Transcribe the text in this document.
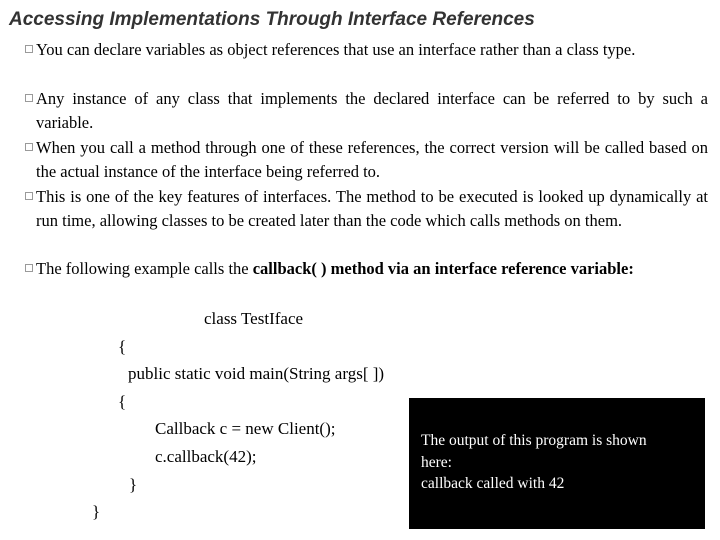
Accessing Implementations Through Interface References
You can declare variables as object references that use an interface rather than a class type.
Any instance of any class that implements the declared interface can be referred to by such a variable.
When you call a method through one of these references, the correct version will be called based on the actual instance of the interface being referred to.
This is one of the key features of interfaces. The method to be executed is looked up dynamically at run time, allowing classes to be created later than the code which calls methods on them.
The following example calls the callback( ) method via an interface reference variable:
class TestIface
{
public static void main(String args[ ])
{
Callback c = new Client();
c.callback(42);
}
}
The output of this program is shown
here:
callback called with 42
